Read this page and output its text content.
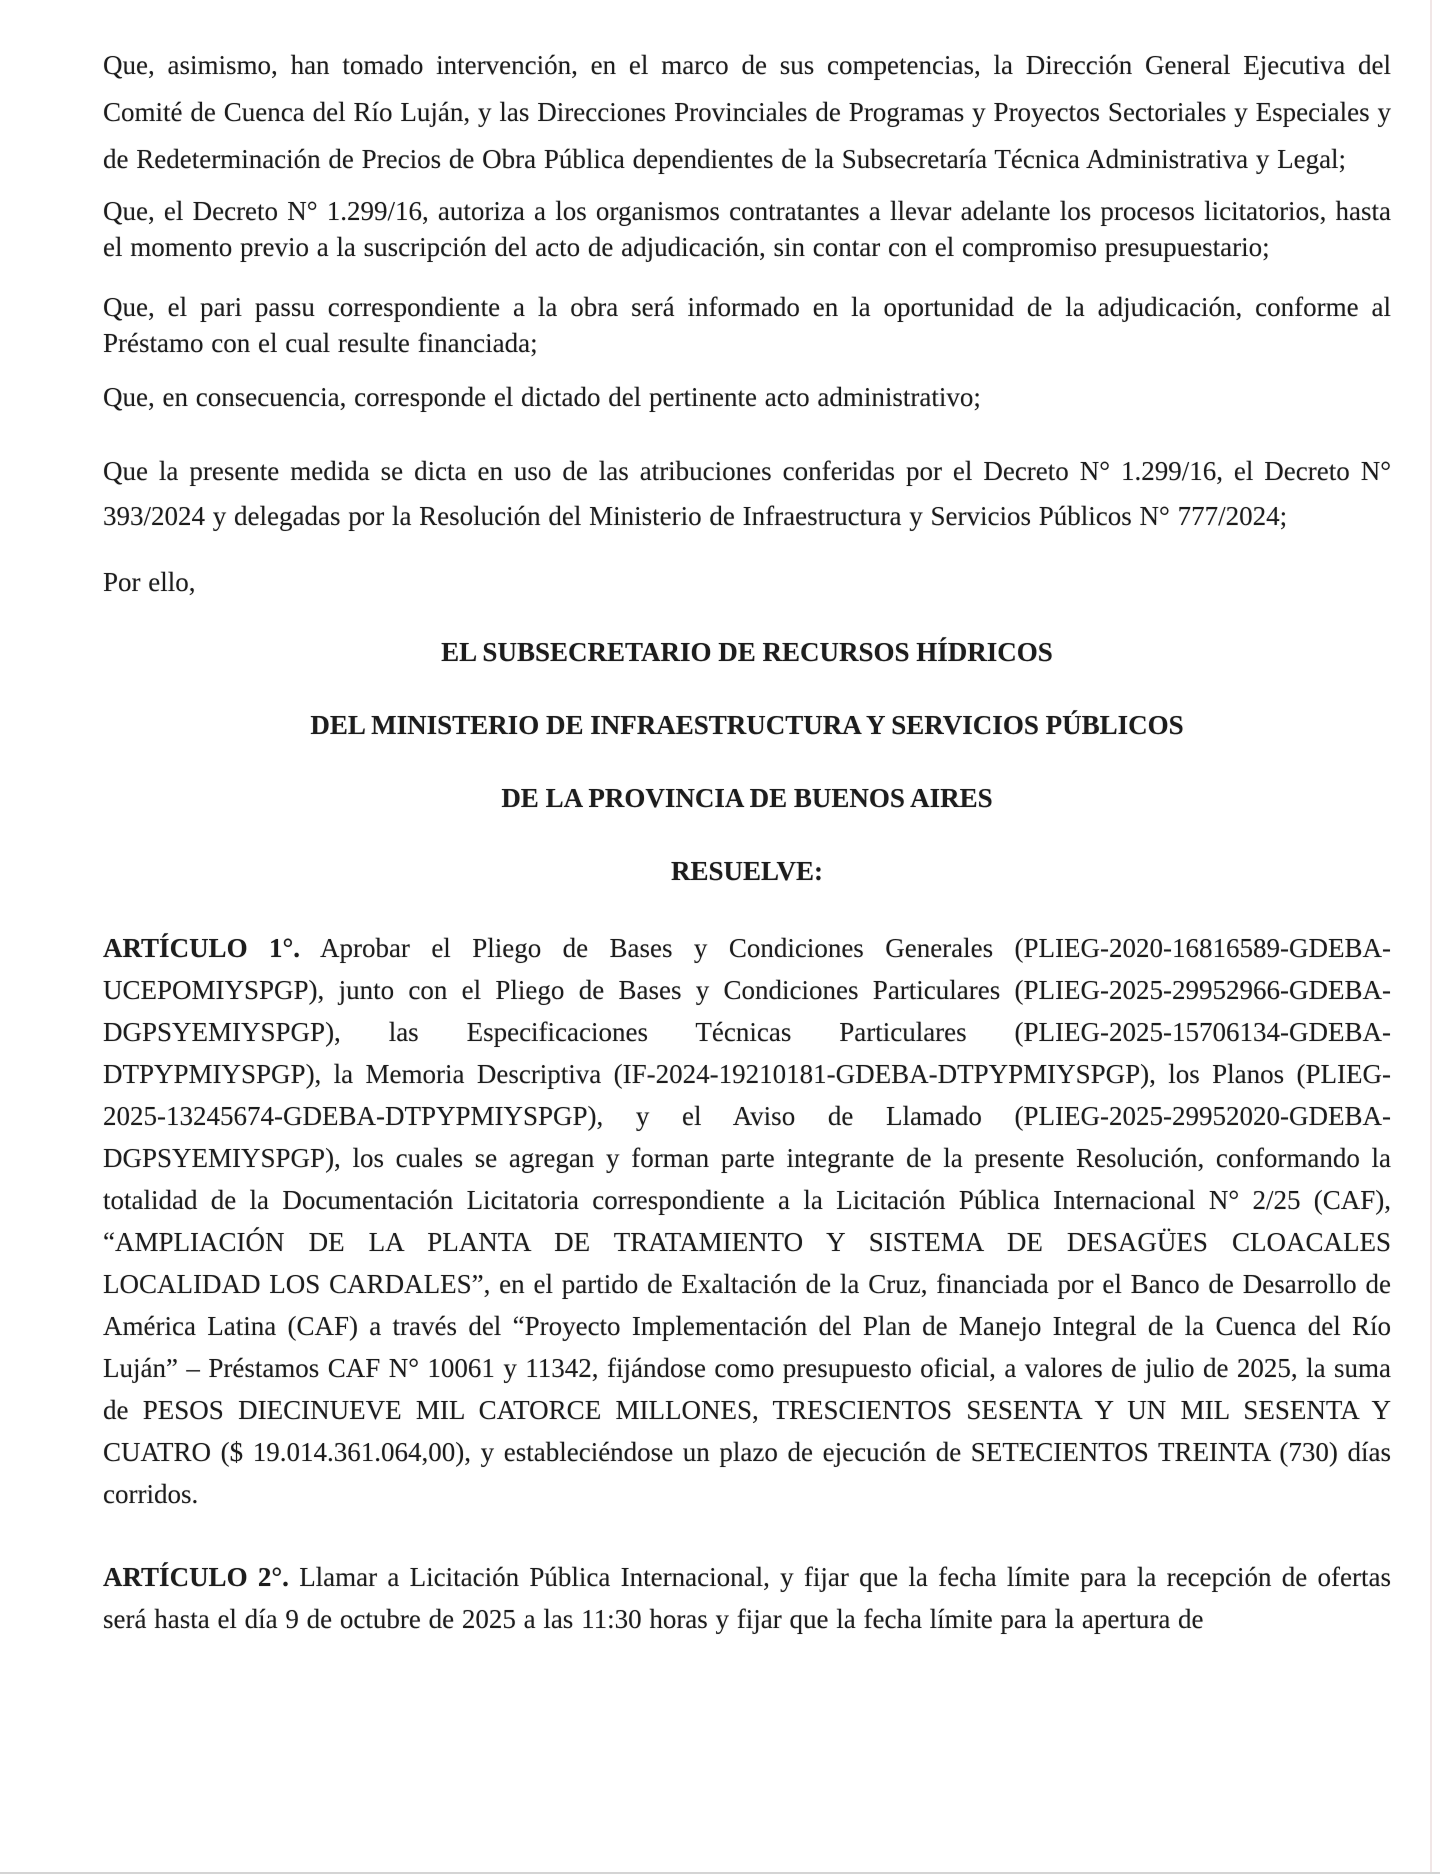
Que, asimismo, han tomado intervención, en el marco de sus competencias, la Dirección General Ejecutiva del Comité de Cuenca del Río Luján, y las Direcciones Provinciales de Programas y Proyectos Sectoriales y Especiales y de Redeterminación de Precios de Obra Pública dependientes de la Subsecretaría Técnica Administrativa y Legal;

Que, el Decreto N° 1.299/16, autoriza a los organismos contratantes a llevar adelante los procesos licitatorios, hasta el momento previo a la suscripción del acto de adjudicación, sin contar con el compromiso presupuestario;

Que, el pari passu correspondiente a la obra será informado en la oportunidad de la adjudicación, conforme al Préstamo con el cual resulte financiada;

Que, en consecuencia, corresponde el dictado del pertinente acto administrativo;

Que la presente medida se dicta en uso de las atribuciones conferidas por el Decreto N° 1.299/16, el Decreto N° 393/2024 y delegadas por la Resolución del Ministerio de Infraestructura y Servicios Públicos N° 777/2024;

Por ello,

EL SUBSECRETARIO DE RECURSOS HÍDRICOS
DEL MINISTERIO DE INFRAESTRUCTURA Y SERVICIOS PÚBLICOS
DE LA PROVINCIA DE BUENOS AIRES
RESUELVE:

ARTÍCULO 1°. Aprobar el Pliego de Bases y Condiciones Generales (PLIEG-2020-16816589-GDEBA-UCEPOMIYSPGP), junto con el Pliego de Bases y Condiciones Particulares (PLIEG-2025-29952966-GDEBA-DGPSYEMIYSPGP), las Especificaciones Técnicas Particulares (PLIEG-2025-15706134-GDEBA-DTPYPMIYSPGP), la Memoria Descriptiva (IF-2024-19210181-GDEBA-DTPYPMIYSPGP), los Planos (PLIEG-2025-13245674-GDEBA-DTPYPMIYSPGP), y el Aviso de Llamado (PLIEG-2025-29952020-GDEBA-DGPSYEMIYSPGP), los cuales se agregan y forman parte integrante de la presente Resolución, conformando la totalidad de la Documentación Licitatoria correspondiente a la Licitación Pública Internacional N° 2/25 (CAF), “AMPLIACIÓN DE LA PLANTA DE TRATAMIENTO Y SISTEMA DE DESAGÜES CLOACALES LOCALIDAD LOS CARDALES”, en el partido de Exaltación de la Cruz, financiada por el Banco de Desarrollo de América Latina (CAF) a través del “Proyecto Implementación del Plan de Manejo Integral de la Cuenca del Río Luján” – Préstamos CAF N° 10061 y 11342, fijándose como presupuesto oficial, a valores de julio de 2025, la suma de PESOS DIECINUEVE MIL CATORCE MILLONES, TRESCIENTOS SESENTA Y UN MIL SESENTA Y CUATRO ($ 19.014.361.064,00), y estableciéndose un plazo de ejecución de SETECIENTOS TREINTA (730) días corridos.

ARTÍCULO 2°. Llamar a Licitación Pública Internacional, y fijar que la fecha límite para la recepción de ofertas será hasta el día 9 de octubre de 2025 a las 11:30 horas y fijar que la fecha límite para la apertura de
